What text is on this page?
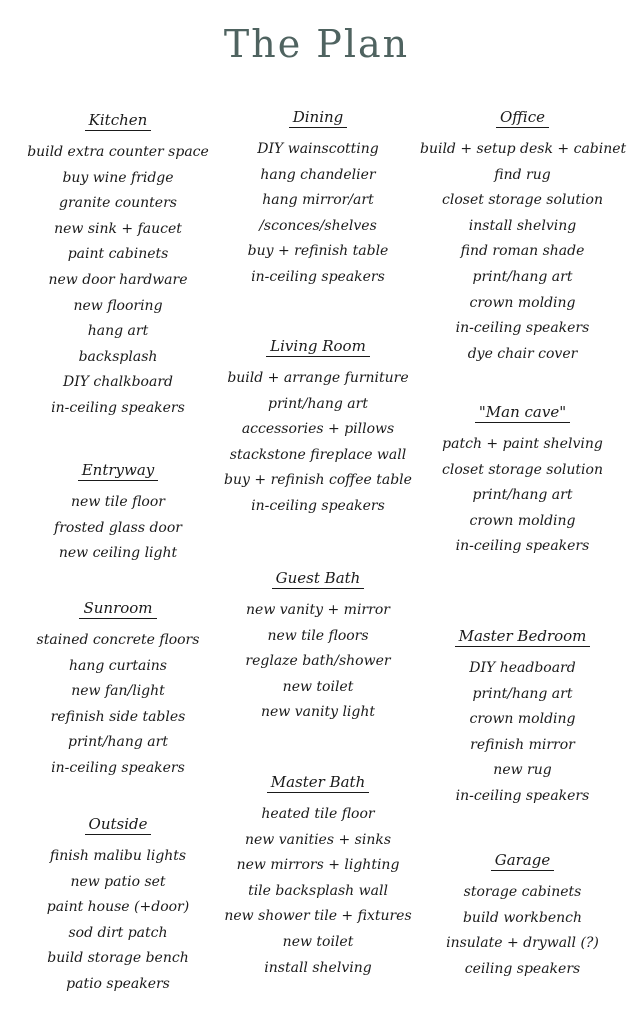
The Plan
Kitchen
build extra counter space
buy wine fridge
granite counters
new sink + faucet
paint cabinets
new door hardware
new flooring
hang art
backsplash
DIY chalkboard
in-ceiling speakers
Entryway
new tile floor
frosted glass door
new ceiling light
Sunroom
stained concrete floors
hang curtains
new fan/light
refinish side tables
print/hang art
in-ceiling speakers
Outside
finish malibu lights
new patio set
paint house (+door)
sod dirt patch
build storage bench
patio speakers
Dining
DIY wainscotting
hang chandelier
hang mirror/art
/sconces/shelves
buy + refinish table
in-ceiling speakers
Living Room
build + arrange furniture
print/hang art
accessories + pillows
stackstone fireplace wall
buy + refinish coffee table
in-ceiling speakers
Guest Bath
new vanity + mirror
new tile floors
reglaze bath/shower
new toilet
new vanity light
Master Bath
heated tile floor
new vanities + sinks
new mirrors + lighting
tile backsplash wall
new shower tile + fixtures
new toilet
install shelving
Office
build + setup desk + cabinet
find rug
closet storage solution
install shelving
find roman shade
print/hang art
crown molding
in-ceiling speakers
dye chair cover
"Man cave"
patch + paint shelving
closet storage solution
print/hang art
crown molding
in-ceiling speakers
Master Bedroom
DIY headboard
print/hang art
crown molding
refinish mirror
new rug
in-ceiling speakers
Garage
storage cabinets
build workbench
insulate + drywall (?)
ceiling speakers
